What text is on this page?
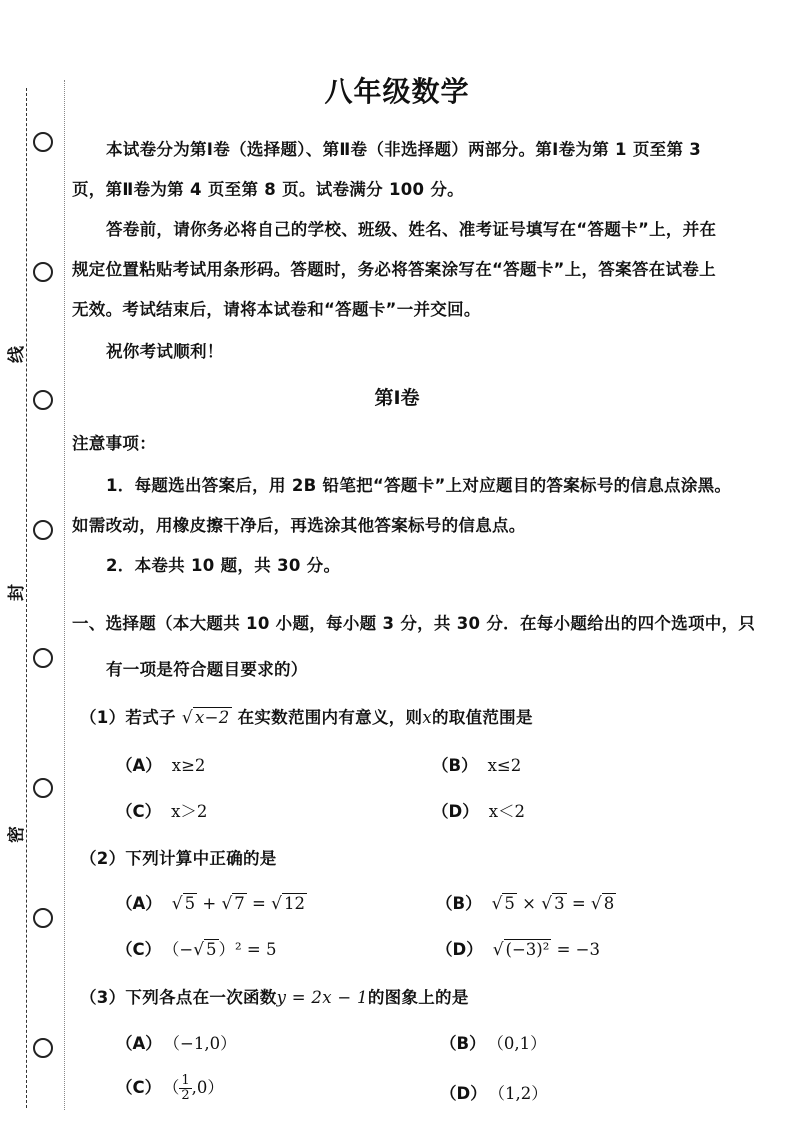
线
封
密
八年级数学
本试卷分为第Ⅰ卷（选择题）、第Ⅱ卷（非选择题）两部分。第Ⅰ卷为第 1 页至第 3
页，第Ⅱ卷为第 4 页至第 8 页。试卷满分 100 分。
答卷前，请你务必将自己的学校、班级、姓名、准考证号填写在“答题卡”上，并在
规定位置粘贴考试用条形码。答题时，务必将答案涂写在“答题卡”上，答案答在试卷上
无效。考试结束后，请将本试卷和“答题卡”一并交回。
祝你考试顺利！
第Ⅰ卷
注意事项：
1．每题选出答案后，用 2B 铅笔把“答题卡”上对应题目的答案标号的信息点涂黑。
如需改动，用橡皮擦干净后，再选涂其他答案标号的信息点。
2．本卷共 10 题，共 30 分。
一、选择题（本大题共 10 小题，每小题 3 分，共 30 分．在每小题给出的四个选项中，只
有一项是符合题目要求的）
（1）若式子 √ x−2 在实数范围内有意义，则x的取值范围是
（A） x≥2	（B） x≤2
（C） x＞2	（D） x＜2
（2）下列计算中正确的是
（A） √ 5 + √ 7 = √ 12	（B） √ 5 × √ 3 = √ 8
（C） （−√ 5 ）² = 5	（D） √ (−3)² = −3
（3）下列各点在一次函数y = 2x − 1的图象上的是
（A） （−1,0）	（B） （0,1）
（C） （ $\frac{1}{2} ,0$）	（D） （1,2）
